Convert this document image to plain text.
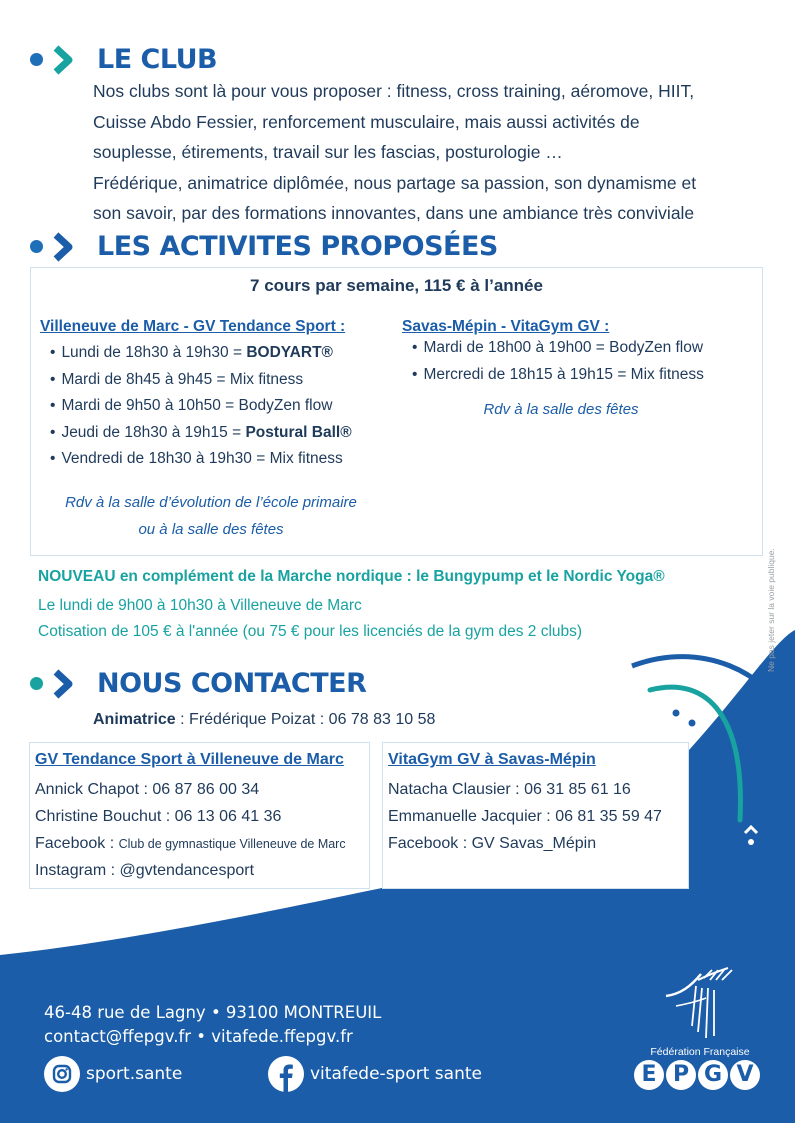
LE CLUB
Nos clubs sont là pour vous proposer : fitness, cross training, aéromove, HIIT,
Cuisse Abdo Fessier, renforcement musculaire, mais aussi activités de
souplesse, étirements, travail sur les fascias, posturologie …
Frédérique, animatrice diplômée, nous partage sa passion, son dynamisme et
son savoir, par des formations innovantes, dans une ambiance très conviviale
LES ACTIVITES PROPOSÉES
7 cours par semaine, 115 € à l’année
Villeneuve de Marc - GV Tendance Sport :
• Lundi de 18h30 à 19h30 = BODYART®
• Mardi de 8h45 à 9h45 = Mix fitness
• Mardi de 9h50 à 10h50 = BodyZen flow
• Jeudi de 18h30 à 19h15 = Postural Ball®
• Vendredi de 18h30 à 19h30 = Mix fitness
Rdv à la salle d’évolution de l’école primaire
ou à la salle des fêtes
Savas-Mépin - VitaGym GV :
• Mardi de 18h00 à 19h00 = BodyZen flow
• Mercredi de 18h15 à 19h15 = Mix fitness
Rdv à la salle des fêtes
NOUVEAU en complément de la Marche nordique : le Bungypump et le Nordic Yoga®
Le lundi de 9h00 à 10h30 à Villeneuve de Marc
Cotisation de 105 € à l'année (ou 75 € pour les licenciés de la gym des 2 clubs)	Ne pas jeter sur la voie publique.
NOUS CONTACTER
Animatrice : Frédérique Poizat : 06 78 83 10 58
GV Tendance Sport à Villeneuve de Marc
Annick Chapot : 06 87 86 00 34
Christine Bouchut : 06 13 06 41 36
Facebook : Club de gymnastique Villeneuve de Marc
Instagram : @gvtendancesport
VitaGym GV à Savas-Mépin
Natacha Clausier : 06 31 85 61 16
Emmanuelle Jacquier : 06 81 35 59 47
Facebook : GV Savas_Mépin
46-48 rue de Lagny • 93100 MONTREUIL
contact@ffepgv.fr • vitafede.ffepgv.fr
sport.sante	vitafede-sport sante
Fédération Française
E P G V
